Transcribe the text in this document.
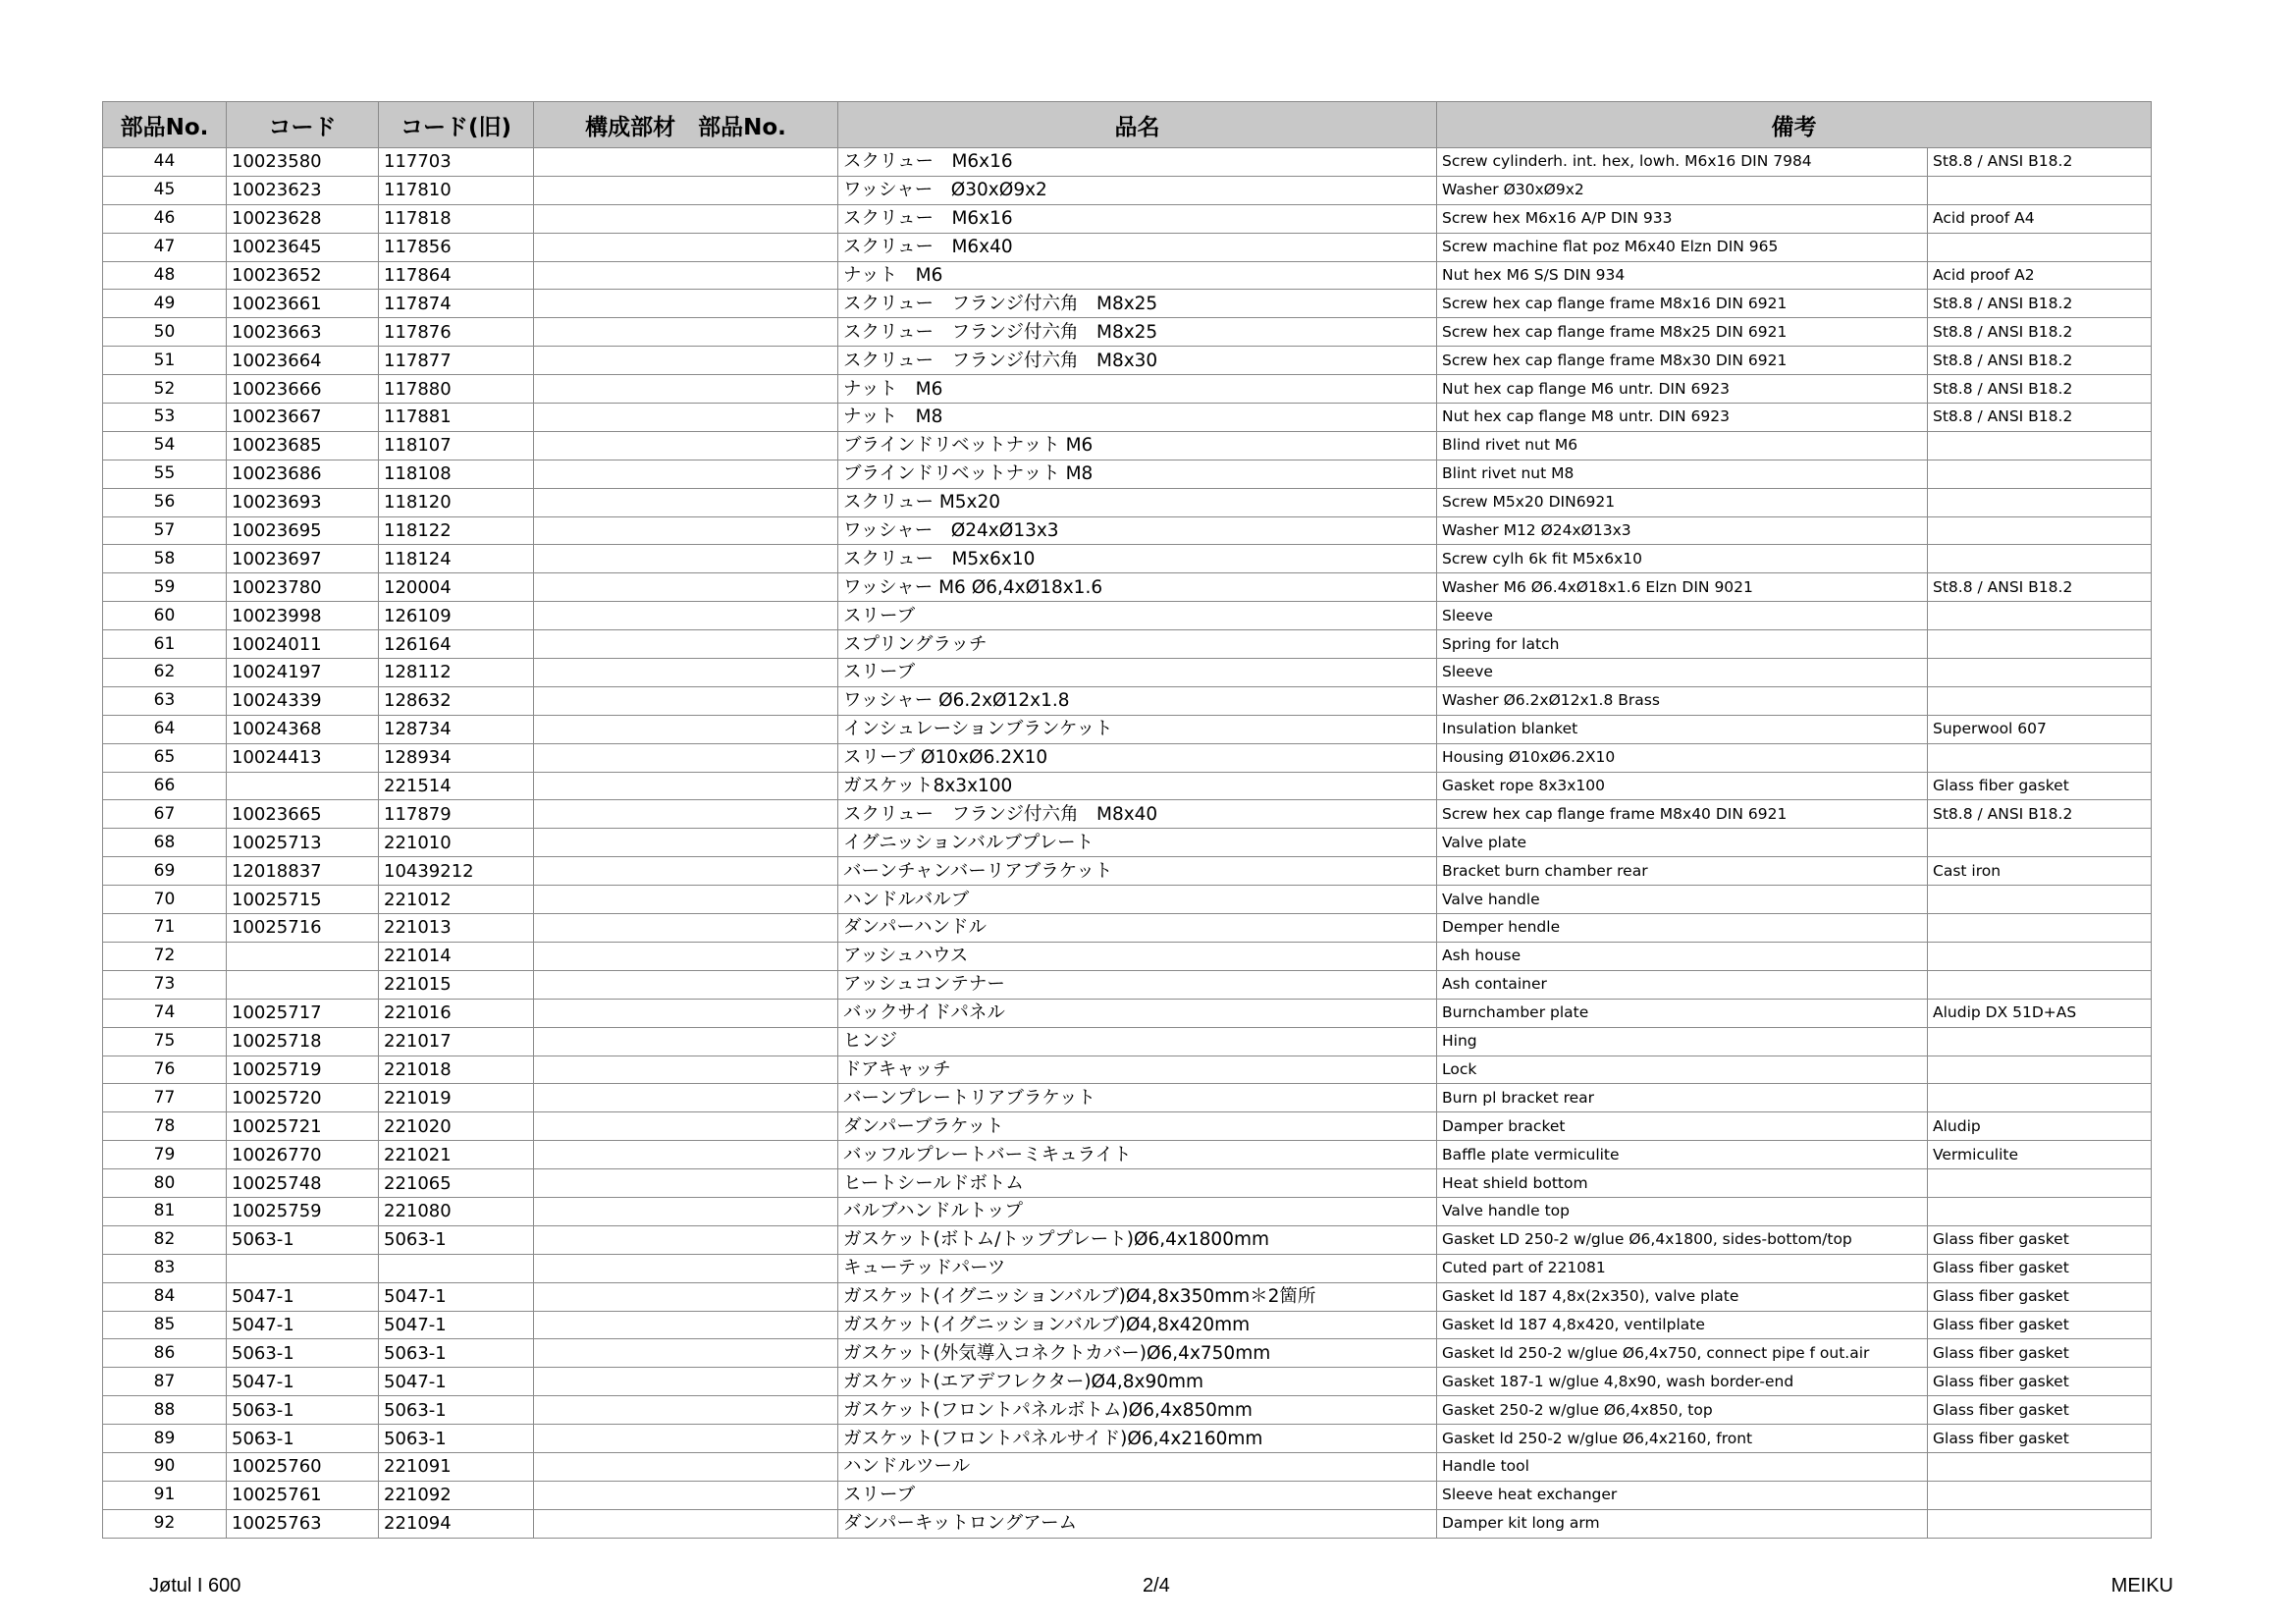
部品No.	コード	コード(旧)	構成部材　部品No.	品名	備考	
44	10023580	117703		スクリュー　M6x16	Screw cylinderh. int. hex, lowh. M6x16 DIN 7984	St8.8 / ANSI B18.2
45	10023623	117810		ワッシャー　Ø30xØ9x2	Washer Ø30xØ9x2	
46	10023628	117818		スクリュー　M6x16	Screw hex M6x16 A/P DIN 933	Acid proof A4
47	10023645	117856		スクリュー　M6x40	Screw machine flat poz M6x40 Elzn DIN 965	
48	10023652	117864		ナット　M6	Nut hex M6 S/S DIN 934	Acid proof A2
49	10023661	117874		スクリュー　フランジ付六角　M8x25	Screw hex cap flange frame M8x16 DIN 6921	St8.8 / ANSI B18.2
50	10023663	117876		スクリュー　フランジ付六角　M8x25	Screw hex cap flange frame M8x25 DIN 6921	St8.8 / ANSI B18.2
51	10023664	117877		スクリュー　フランジ付六角　M8x30	Screw hex cap flange frame M8x30 DIN 6921	St8.8 / ANSI B18.2
52	10023666	117880		ナット　M6	Nut hex cap flange M6 untr. DIN 6923	St8.8 / ANSI B18.2
53	10023667	117881		ナット　M8	Nut hex cap flange M8 untr. DIN 6923	St8.8 / ANSI B18.2
54	10023685	118107		ブラインドリベットナット M6	Blind rivet nut M6	
55	10023686	118108		ブラインドリベットナット M8	Blint rivet nut M8	
56	10023693	118120		スクリュー M5x20	Screw M5x20 DIN6921	
57	10023695	118122		ワッシャー　Ø24xØ13x3	Washer M12 Ø24xØ13x3	
58	10023697	118124		スクリュー　M5x6x10	Screw cylh 6k fit M5x6x10	
59	10023780	120004		ワッシャー M6 Ø6,4xØ18x1.6	Washer M6 Ø6.4xØ18x1.6 Elzn DIN 9021	St8.8 / ANSI B18.2
60	10023998	126109		スリーブ	Sleeve	
61	10024011	126164		スプリングラッチ	Spring for latch	
62	10024197	128112		スリーブ	Sleeve	
63	10024339	128632		ワッシャー Ø6.2xØ12x1.8	Washer Ø6.2xØ12x1.8 Brass	
64	10024368	128734		インシュレーションブランケット	Insulation blanket	Superwool 607
65	10024413	128934		スリーブ Ø10xØ6.2X10	Housing Ø10xØ6.2X10	
66		221514		ガスケット8x3x100	Gasket rope 8x3x100	Glass fiber gasket
67	10023665	117879		スクリュー　フランジ付六角　M8x40	Screw hex cap flange frame M8x40 DIN 6921	St8.8 / ANSI B18.2
68	10025713	221010		イグニッションバルブプレート	Valve plate	
69	12018837	10439212		バーンチャンバーリアブラケット	Bracket burn chamber rear	Cast iron
70	10025715	221012		ハンドルバルブ	Valve handle	
71	10025716	221013		ダンパーハンドル	Demper hendle	
72		221014		アッシュハウス	Ash house	
73		221015		アッシュコンテナー	Ash container	
74	10025717	221016		バックサイドパネル	Burnchamber plate	Aludip DX 51D+AS
75	10025718	221017		ヒンジ	Hing	
76	10025719	221018		ドアキャッチ	Lock	
77	10025720	221019		バーンプレートリアブラケット	Burn pl bracket rear	
78	10025721	221020		ダンパーブラケット	Damper bracket	Aludip
79	10026770	221021		バッフルプレートバーミキュライト	Baffle plate vermiculite	Vermiculite
80	10025748	221065		ヒートシールドボトム	Heat shield bottom	
81	10025759	221080		バルブハンドルトップ	Valve handle top	
82	5063-1	5063-1		ガスケット(ボトム/トッププレート)Ø6,4x1800mm	Gasket LD 250-2 w/glue Ø6,4x1800, sides-bottom/top	Glass fiber gasket
83				キューテッドパーツ	Cuted part of 221081	Glass fiber gasket
84	5047-1	5047-1		ガスケット(イグニッションバルブ)Ø4,8x350mm＊2箇所	Gasket ld 187 4,8x(2x350), valve plate	Glass fiber gasket
85	5047-1	5047-1		ガスケット(イグニッションバルブ)Ø4,8x420mm	Gasket ld 187 4,8x420, ventilplate	Glass fiber gasket
86	5063-1	5063-1		ガスケット(外気導入コネクトカバー)Ø6,4x750mm	Gasket ld 250-2 w/glue Ø6,4x750, connect pipe f out.air	Glass fiber gasket
87	5047-1	5047-1		ガスケット(エアデフレクター)Ø4,8x90mm	Gasket 187-1 w/glue 4,8x90, wash border-end	Glass fiber gasket
88	5063-1	5063-1		ガスケット(フロントパネルボトム)Ø6,4x850mm	Gasket 250-2 w/glue Ø6,4x850, top	Glass fiber gasket
89	5063-1	5063-1		ガスケット(フロントパネルサイド)Ø6,4x2160mm	Gasket ld 250-2 w/glue Ø6,4x2160, front	Glass fiber gasket
90	10025760	221091		ハンドルツール	Handle tool	
91	10025761	221092		スリーブ	Sleeve heat exchanger	
92	10025763	221094		ダンパーキットロングアーム	Damper kit long arm	
Jøtul I 600	2/4	MEIKU
